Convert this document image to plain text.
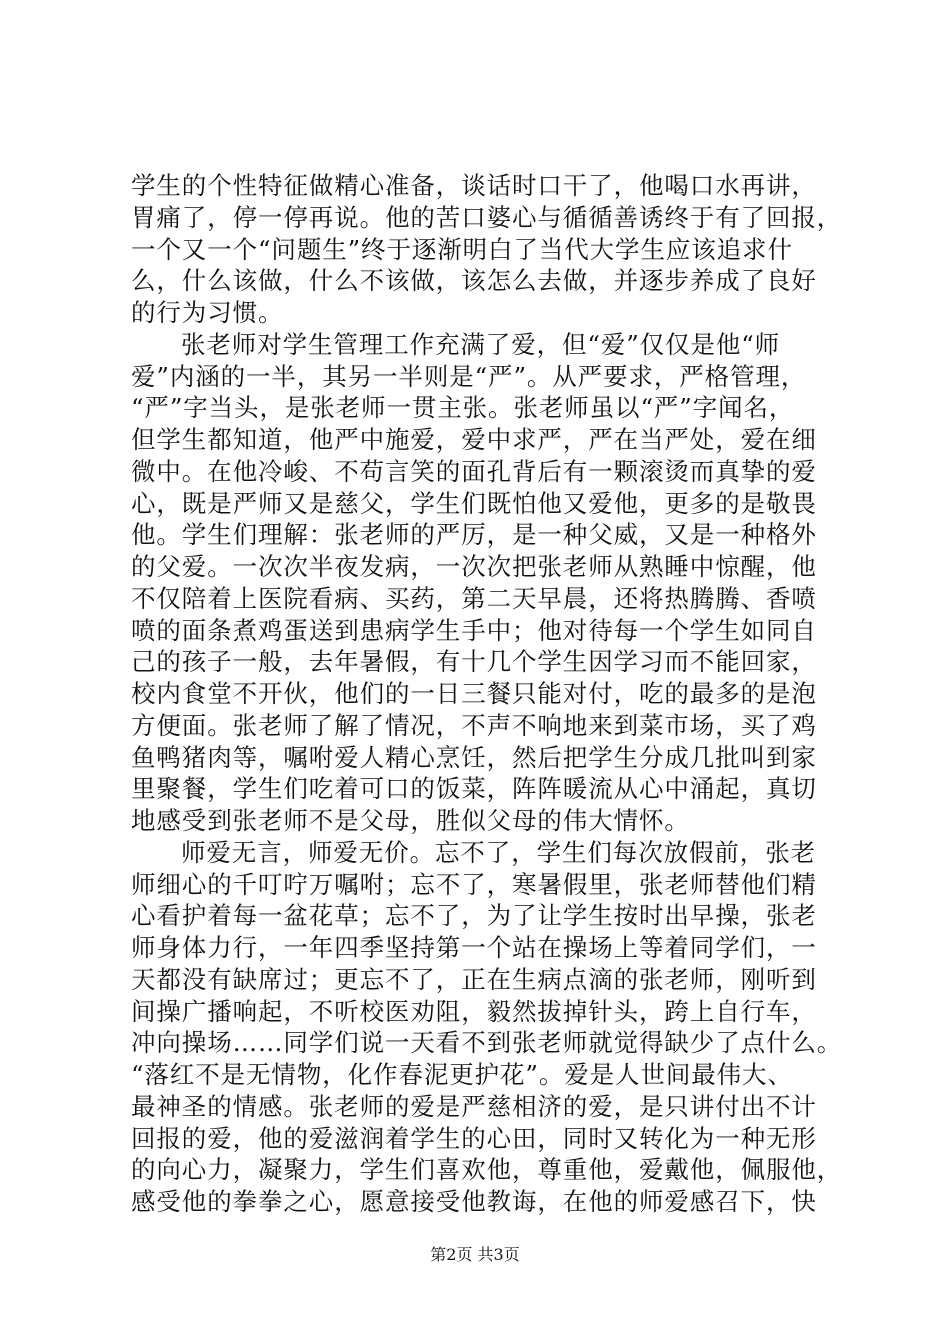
学生的个性特征做精心准备，谈话时口干了，他喝口水再讲，
胃痛了，停一停再说。他的苦口婆心与循循善诱终于有了回报，
一个又一个“问题生”终于逐渐明白了当代大学生应该追求什
么，什么该做，什么不该做，该怎么去做，并逐步养成了良好
的行为习惯。
张老师对学生管理工作充满了爱，但“爱”仅仅是他“师
爱”内涵的一半，其另一半则是“严”。从严要求，严格管理，
“严”字当头，是张老师一贯主张。张老师虽以“严”字闻名，
但学生都知道，他严中施爱，爱中求严，严在当严处，爱在细
微中。在他冷峻、不苟言笑的面孔背后有一颗滚烫而真挚的爱
心，既是严师又是慈父，学生们既怕他又爱他，更多的是敬畏
他。学生们理解：张老师的严厉，是一种父威，又是一种格外
的父爱。一次次半夜发病，一次次把张老师从熟睡中惊醒，他
不仅陪着上医院看病、买药，第二天早晨，还将热腾腾、香喷
喷的面条煮鸡蛋送到患病学生手中；他对待每一个学生如同自
己的孩子一般，去年暑假，有十几个学生因学习而不能回家，
校内食堂不开伙，他们的一日三餐只能对付，吃的最多的是泡
方便面。张老师了解了情况，不声不响地来到菜市场，买了鸡
鱼鸭猪肉等，嘱咐爱人精心烹饪，然后把学生分成几批叫到家
里聚餐，学生们吃着可口的饭菜，阵阵暖流从心中涌起，真切
地感受到张老师不是父母，胜似父母的伟大情怀。
师爱无言，师爱无价。忘不了，学生们每次放假前，张老
师细心的千叮咛万嘱咐；忘不了，寒暑假里，张老师替他们精
心看护着每一盆花草；忘不了，为了让学生按时出早操，张老
师身体力行，一年四季坚持第一个站在操场上等着同学们，一
天都没有缺席过；更忘不了，正在生病点滴的张老师，刚听到
间操广播响起，不听校医劝阻，毅然拔掉针头，跨上自行车，
冲向操场……同学们说一天看不到张老师就觉得缺少了点什么。
“落红不是无情物，化作春泥更护花”。爱是人世间最伟大、
最神圣的情感。张老师的爱是严慈相济的爱，是只讲付出不计
回报的爱，他的爱滋润着学生的心田，同时又转化为一种无形
的向心力，凝聚力，学生们喜欢他，尊重他，爱戴他，佩服他，
感受他的拳拳之心，愿意接受他教诲，在他的师爱感召下，快
第2页 共3页
